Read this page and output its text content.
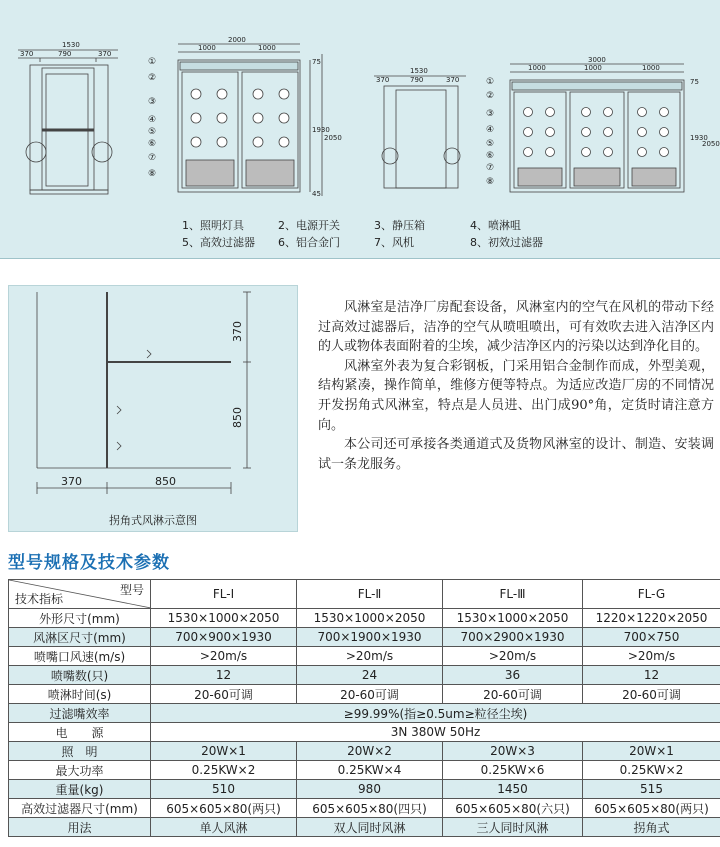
1530
370	790	370
2000
1000	1000
75
1930
2050
45
①
②
③
④
⑤
⑥
⑦
⑧
1530
370	790	370
3000
1000	1000	1000
75
1930
2050
①
②
③
④
⑤
⑥
⑦
⑧
1、照明灯具	2、电源开关	3、静压箱	4、喷淋咀
5、高效过滤器	6、铝合金门	7、风机	8、初效过滤器
370
850
370	850
拐角式风淋示意图

风淋室是洁净厂房配套设备，风淋室内的空气在风机的带动下经过高效过滤器后，洁净的空气从喷咀喷出，可有效吹去进入洁净区内的人或物体表面附着的尘埃，减少洁净区内的污染以达到净化目的。

风淋室外表为复合彩钢板，门采用铝合金制作而成，外型美观，结构紧凑，操作简单，维修方便等特点。为适应改造厂房的不同情况开发拐角式风淋室，特点是人员进、出门成90°角，定货时请注意方向。

本公司还可承接各类通道式及货物风淋室的设计、制造、安装调试一条龙服务。

型号规格及技术参数
型号
技术指标	FL-Ⅰ	FL-Ⅱ	FL-Ⅲ	FL-G
外形尺寸(mm)	1530×1000×2050	1530×1000×2050	1530×1000×2050	1220×1220×2050
风淋区尺寸(mm)	700×900×1930	700×1900×1930	700×2900×1930	700×750
喷嘴口风速(m/s)	>20m/s	>20m/s	>20m/s	>20m/s
喷嘴数(只)	12	24	36	12
喷淋时间(s)	20-60可调	20-60可调	20-60可调	20-60可调
过滤嘴效率	≥99.99%(指≥0.5um≥粒径尘埃)			
电　　源	3N 380W 50Hz			
照　明	20W×1	20W×2	20W×3	20W×1
最大功率	0.25KW×2	0.25KW×4	0.25KW×6	0.25KW×2
重量(kg)	510	980	1450	515
高效过滤器尺寸(mm)	605×605×80(两只)	605×605×80(四只)	605×605×80(六只)	605×605×80(两只)
用法	单人风淋	双人同时风淋	三人同时风淋	拐角式
